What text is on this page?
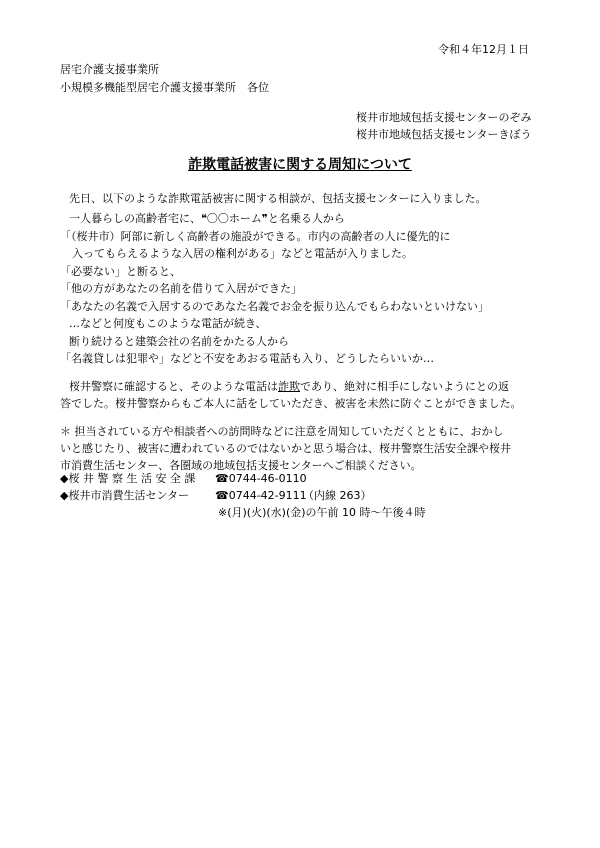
令和４年12月１日
居宅介護支援事業所
小規模多機能型居宅介護支援事業所　各位
桜井市地域包括支援センターのぞみ
桜井市地域包括支援センターきぼう
詐欺電話被害に関する周知について
先日、以下のような詐欺電話被害に関する相談が、包括支援センターに入りました。
一人暮らしの高齢者宅に、❝〇〇ホーム❞と名乗る人から
「（桜井市）阿部に新しく高齢者の施設ができる。市内の高齢者の人に優先的に
入ってもらえるような入居の権利がある」などと電話が入りました。
「必要ない」と断ると、
「他の方があなたの名前を借りて入居ができた」
「あなたの名義で入居するのであなた名義でお金を振り込んでもらわないといけない」
…などと何度もこのような電話が続き、
断り続けると建築会社の名前をかたる人から
「名義貸しは犯罪や」などと不安をあおる電話も入り、どうしたらいいか…
桜井警察に確認すると、そのような電話は詐欺であり、絶対に相手にしないようにとの返
答でした。桜井警察からもご本人に話をしていただき、被害を未然に防ぐことができました。
＊ 担当されている方や相談者への訪問時などに注意を周知していただくとともに、おかし
いと感じたり、被害に遭われているのではないかと思う場合は、桜井警察生活安全課や桜井
市消費生活センター、各圏域の地域包括支援センターへご相談ください。
◆桜 井 警 察 生 活 安 全 課 ☎0744-46-0110
◆桜井市消費生活センター ☎0744-42-9111
（内線 263）
※(月)(火)(水)(金)の午前 10 時～午後４時
